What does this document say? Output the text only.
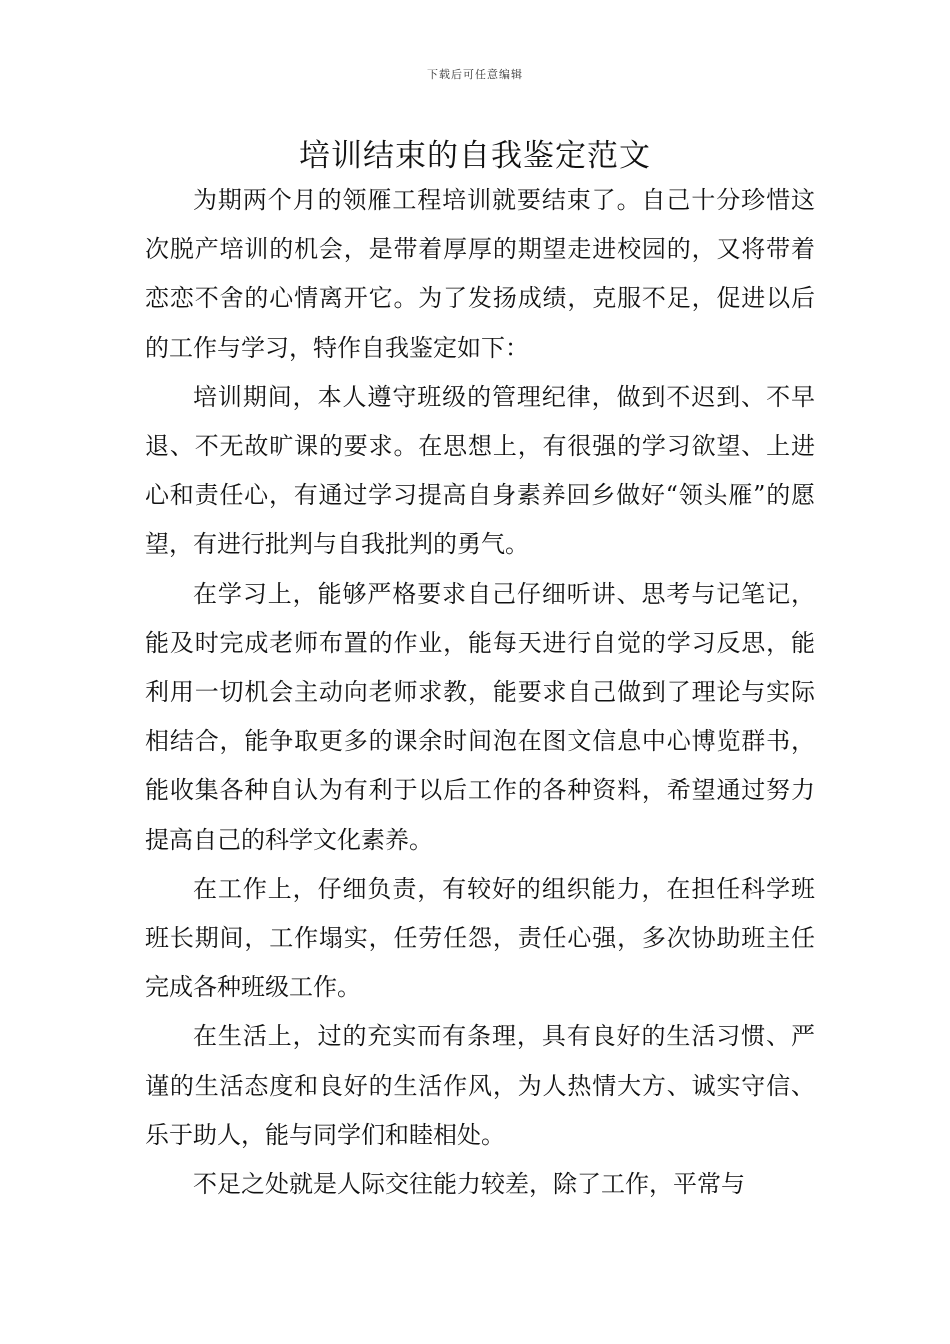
下载后可任意编辑
培训结束的自我鉴定范文

为期两个月的领雁工程培训就要结束了。自己十分珍惜这次脱产培训的机会，是带着厚厚的期望走进校园的，又将带着恋恋不舍的心情离开它。为了发扬成绩，克服不足，促进以后的工作与学习，特作自我鉴定如下：

培训期间，本人遵守班级的管理纪律，做到不迟到、不早退、不无故旷课的要求。在思想上，有很强的学习欲望、上进心和责任心，有通过学习提高自身素养回乡做好“领头雁”的愿望，有进行批判与自我批判的勇气。

在学习上，能够严格要求自己仔细听讲、思考与记笔记，能及时完成老师布置的作业，能每天进行自觉的学习反思，能利用一切机会主动向老师求教，能要求自己做到了理论与实际相结合，能争取更多的课余时间泡在图文信息中心博览群书，能收集各种自认为有利于以后工作的各种资料，希望通过努力提高自己的科学文化素养。

在工作上，仔细负责，有较好的组织能力，在担任科学班班长期间，工作塌实，任劳任怨，责任心强，多次协助班主任完成各种班级工作。

在生活上，过的充实而有条理，具有良好的生活习惯、严谨的生活态度和良好的生活作风，为人热情大方、诚实守信、乐于助人，能与同学们和睦相处。

不足之处就是人际交往能力较差，除了工作，平常与
